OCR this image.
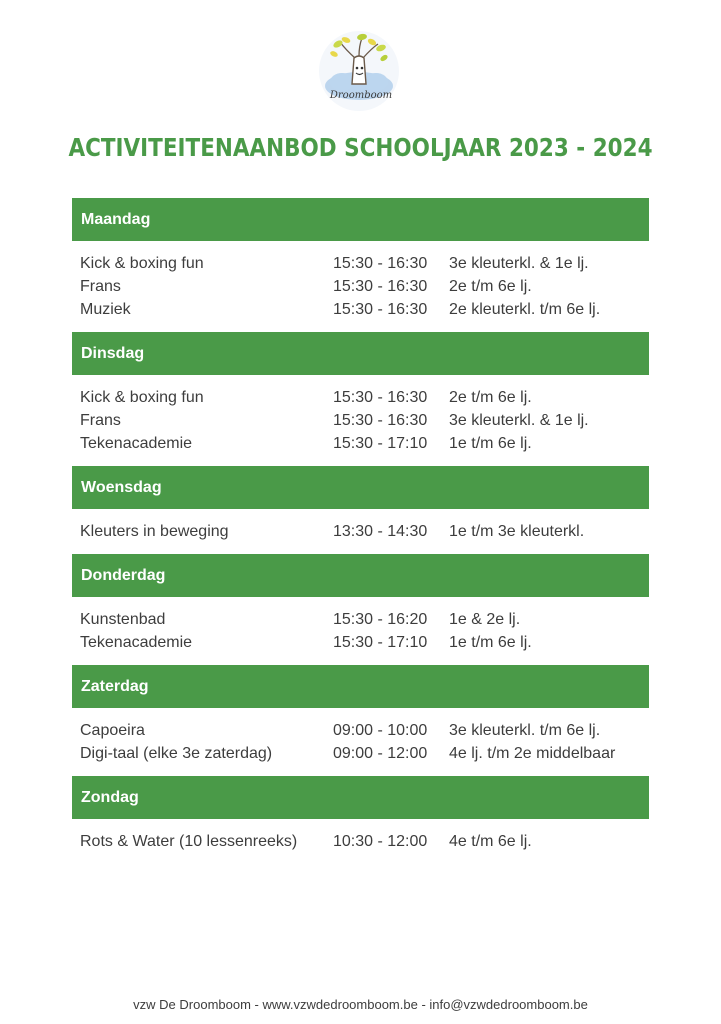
Droomboom
ACTIVITEITENAANBOD SCHOOLJAAR 2023 - 2024
Maandag
Kick & boxing fun	15:30 - 16:30	3e kleuterkl. & 1e lj.
Frans	15:30 - 16:30	2e t/m 6e lj.
Muziek	15:30 - 16:30	2e kleuterkl. t/m 6e lj.
Dinsdag
Kick & boxing fun	15:30 - 16:30	2e t/m 6e lj.
Frans	15:30 - 16:30	3e kleuterkl. & 1e lj.
Tekenacademie	15:30 - 17:10	1e t/m 6e lj.
Woensdag
Kleuters in beweging	13:30 - 14:30	1e t/m 3e kleuterkl.
Donderdag
Kunstenbad	15:30 - 16:20	1e & 2e lj.
Tekenacademie	15:30 - 17:10	1e t/m 6e lj.
Zaterdag
Capoeira	09:00 - 10:00	3e kleuterkl. t/m 6e lj.
Digi-taal (elke 3e zaterdag)	09:00 - 12:00	4e lj. t/m 2e middelbaar
Zondag
Rots & Water (10 lessenreeks)	10:30 - 12:00	4e t/m 6e lj.
vzw De Droomboom - www.vzwdedroomboom.be - info@vzwdedroomboom.be
